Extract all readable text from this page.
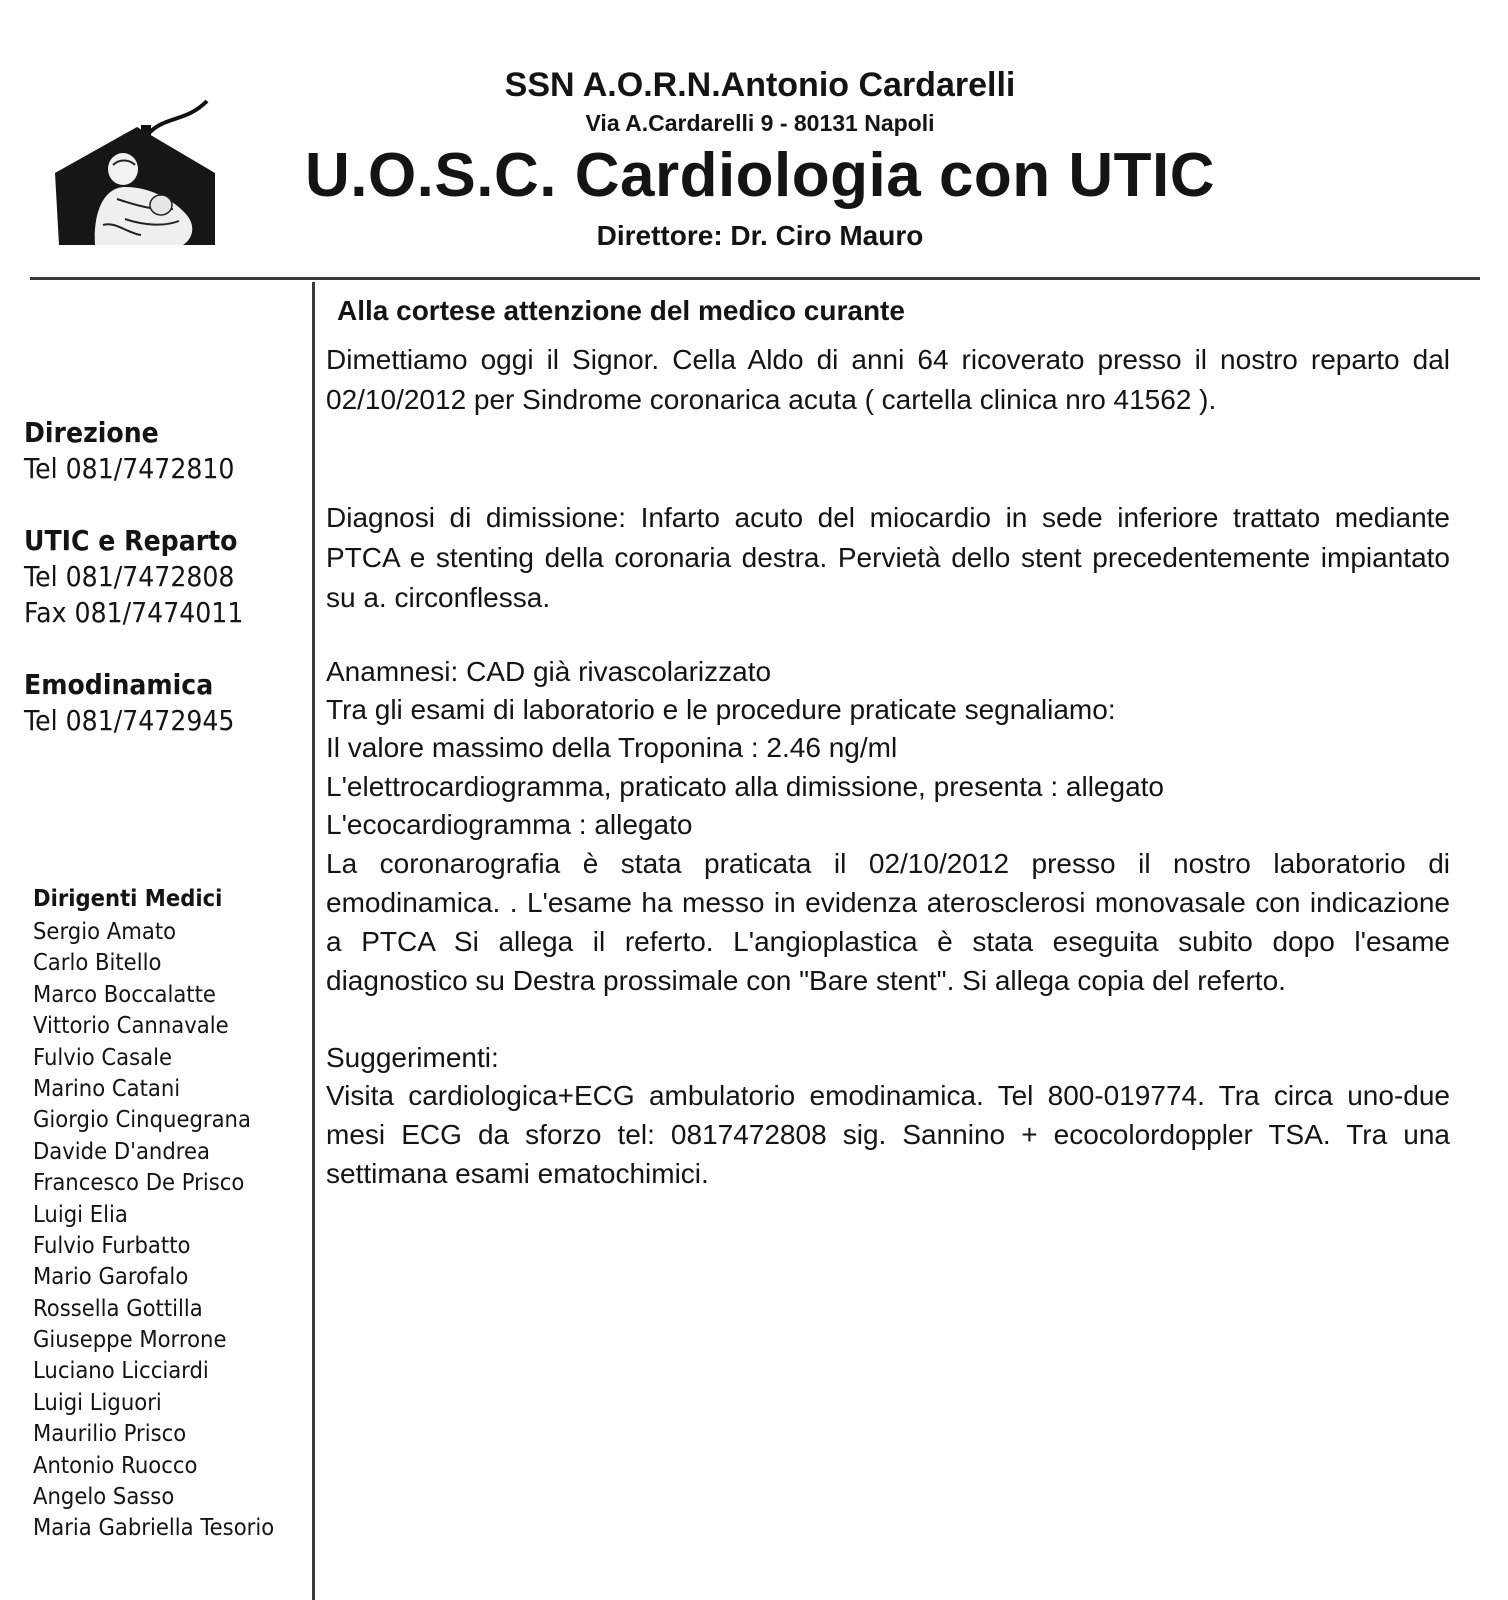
SSN A.O.R.N.Antonio Cardarelli
Via A.Cardarelli 9 - 80131 Napoli
U.O.S.C. Cardiologia con UTIC
Direttore: Dr. Ciro Mauro
Direzione
Tel 081/7472810
UTIC e Reparto
Tel 081/7472808
Fax 081/7474011
Emodinamica
Tel 081/7472945
Dirigenti Medici
Sergio Amato
Carlo Bitello
Marco Boccalatte
Vittorio Cannavale
Fulvio Casale
Marino Catani
Giorgio Cinquegrana
Davide D'andrea
Francesco De Prisco
Luigi Elia
Fulvio Furbatto
Mario Garofalo
Rossella Gottilla
Giuseppe Morrone
Luciano Licciardi
Luigi Liguori
Maurilio Prisco
Antonio Ruocco
Angelo Sasso
Maria Gabriella Tesorio
Alla cortese attenzione del medico curante
Dimettiamo oggi il Signor. Cella Aldo di anni 64 ricoverato presso il nostro reparto dal 02/10/2012 per Sindrome coronarica acuta ( cartella clinica nro 41562 ).
Diagnosi di dimissione: Infarto acuto del miocardio in sede inferiore trattato mediante PTCA e stenting della coronaria destra. Pervietà dello stent precedentemente impiantato su a. circonflessa.
Anamnesi: CAD già rivascolarizzato
Tra gli esami di laboratorio e le procedure praticate segnaliamo:
Il valore massimo della Troponina : 2.46 ng/ml
L'elettrocardiogramma, praticato alla dimissione, presenta : allegato
L'ecocardiogramma : allegato
La coronarografia è stata praticata il 02/10/2012 presso il nostro laboratorio di emodinamica. . L'esame ha messo in evidenza aterosclerosi monovasale con indicazione a PTCA Si allega il referto. L'angioplastica è stata eseguita subito dopo l'esame diagnostico su Destra prossimale con "Bare stent". Si allega copia del referto.
Suggerimenti:
Visita cardiologica+ECG ambulatorio emodinamica. Tel 800-019774. Tra circa uno-due mesi ECG da sforzo tel: 0817472808 sig. Sannino + ecocolordoppler TSA. Tra una settimana esami ematochimici.
